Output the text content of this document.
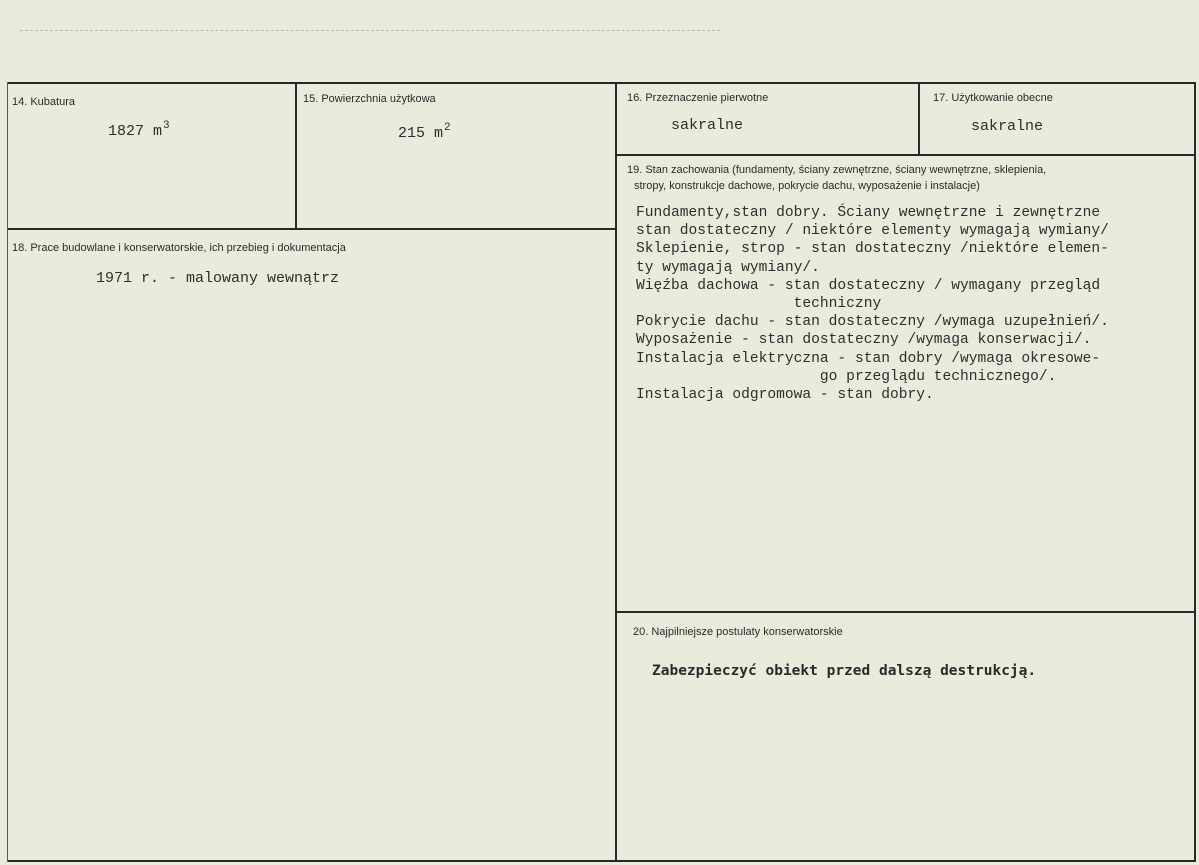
14. Kubatura
1827 $m^3$
15. Powierzchnia użytkowa
215 $m^2$
16. Przeznaczenie pierwotne
sakralne
17. Użytkowanie obecne
sakralne
18. Prace budowlane i konserwatorskie, ich przebieg i dokumentacja
1971 r. - malowany wewnątrz
19. Stan zachowania (fundamenty, ściany zewnętrzne, ściany wewnętrzne, sklepienia,
stropy, konstrukcje dachowe, pokrycie dachu, wyposażenie i instalacje)
Fundamenty,stan dobry. Ściany wewnętrzne i zewnętrzne
stan dostateczny / niektóre elementy wymagają wymiany/
Sklepienie, strop - stan dostateczny /niektóre elemen-
ty wymagają wymiany/.
Więźba dachowa - stan dostateczny / wymagany przegląd
techniczny
Pokrycie dachu - stan dostateczny /wymaga uzupełnień/.
Wyposażenie - stan dostateczny /wymaga konserwacji/.
Instalacja elektryczna - stan dobry /wymaga okresowe-
go przeglądu technicznego/.
Instalacja odgromowa - stan dobry.
20. Najpilniejsze postulaty konserwatorskie
Zabezpieczyć obiekt przed dalszą destrukcją.
